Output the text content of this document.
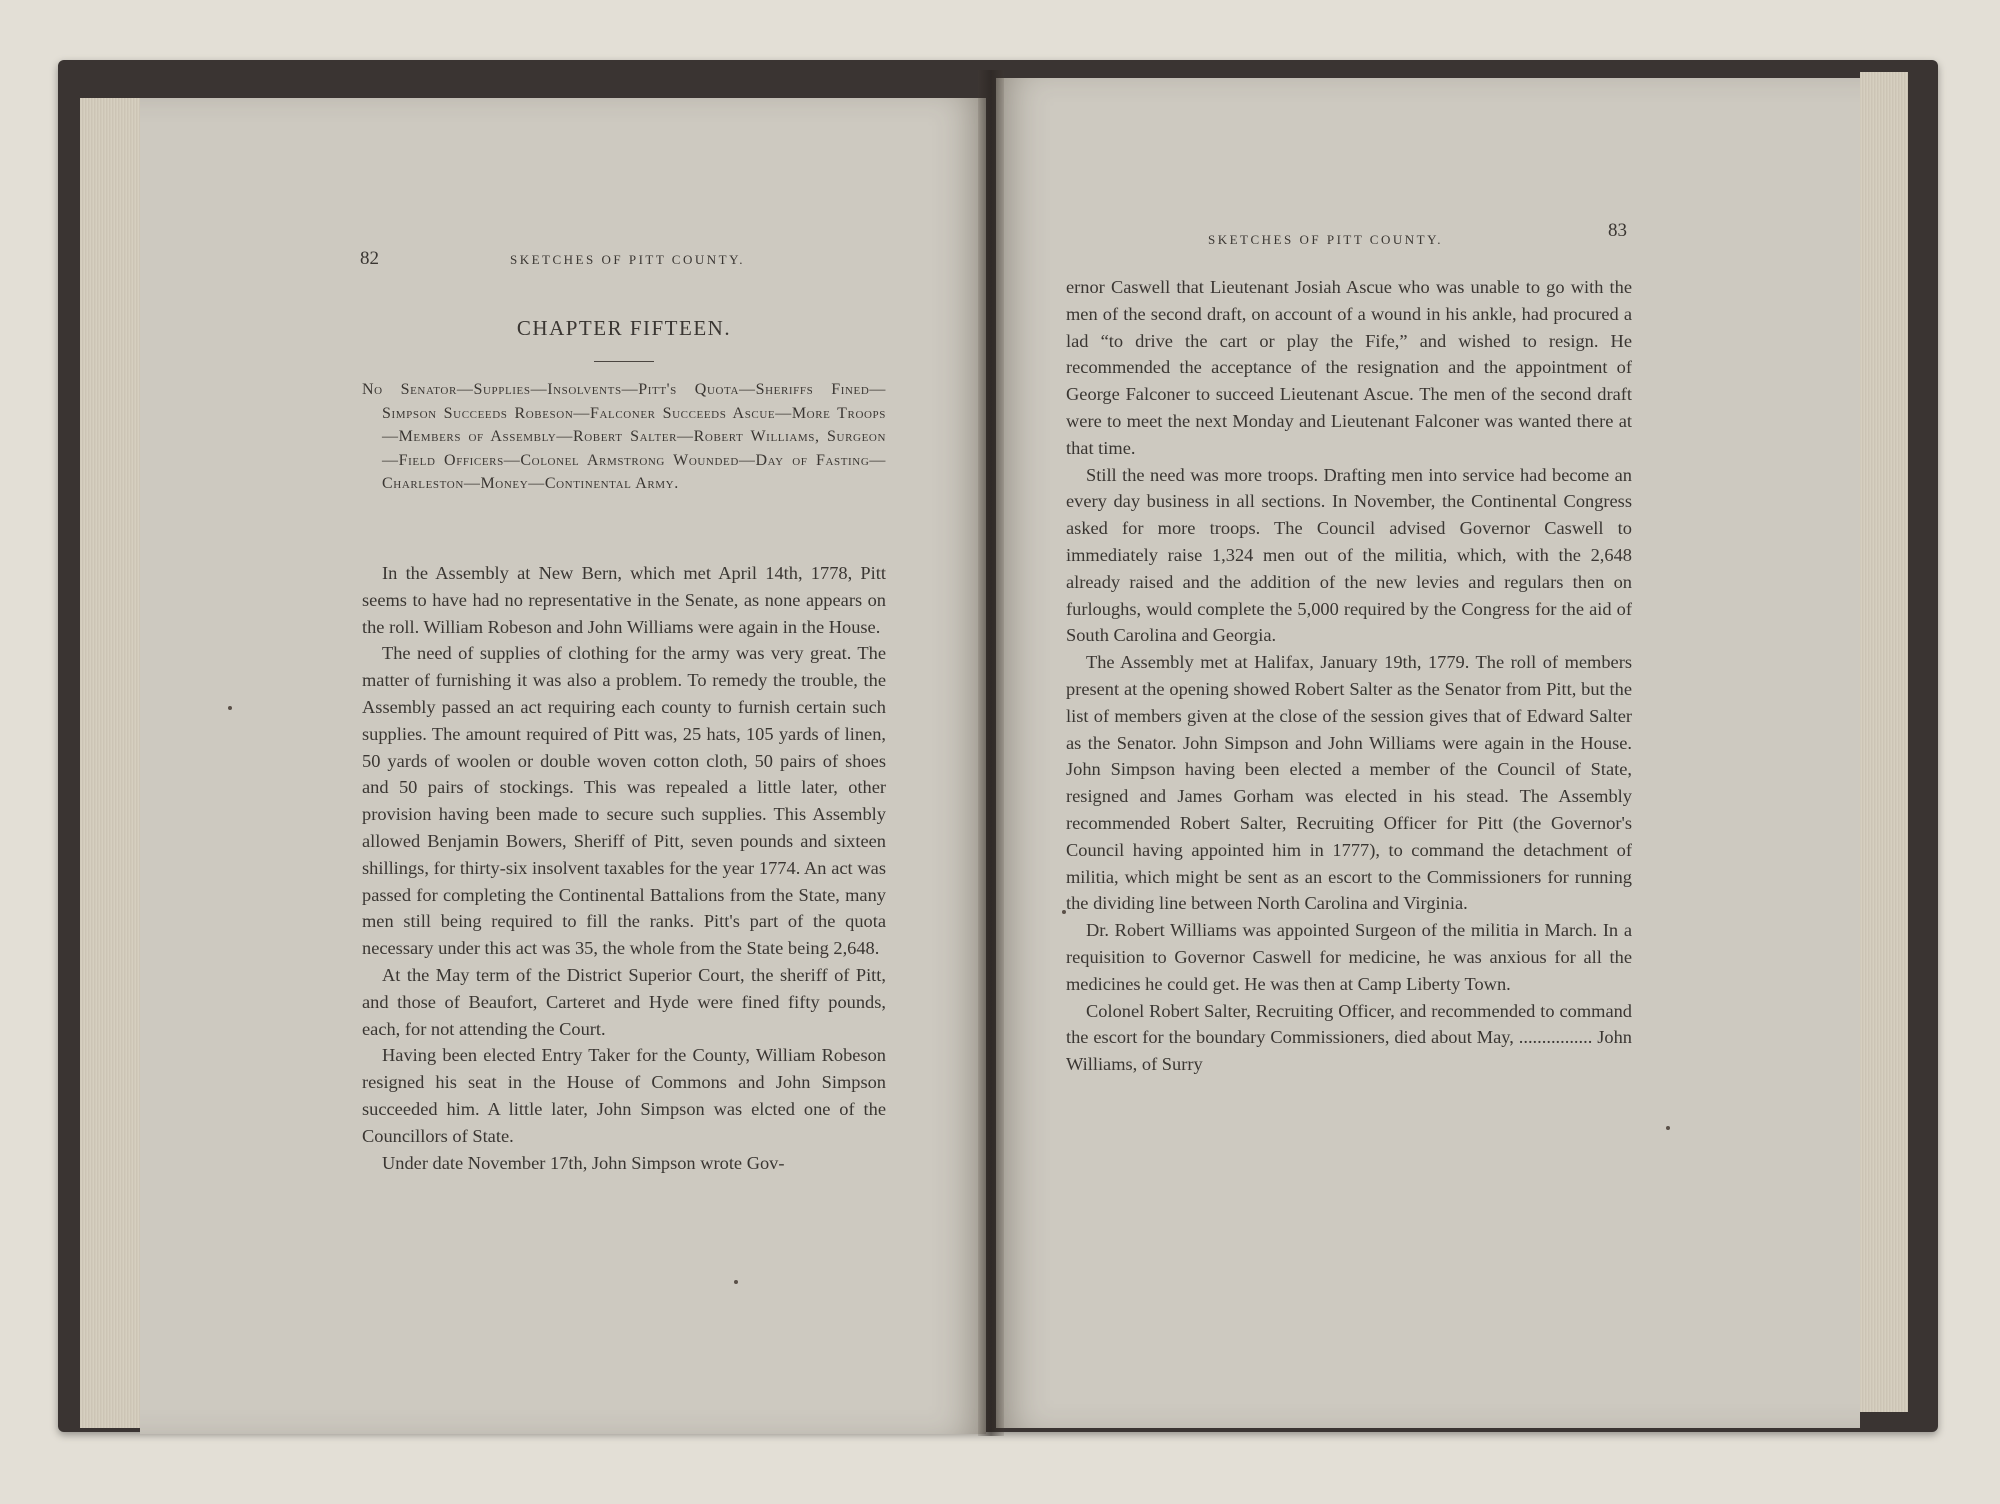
82	SKETCHES OF PITT COUNTY.
CHAPTER FIFTEEN.
No Senator—Supplies—Insolvents—Pitt's Quota—Sheriffs Fined—Simpson Succeeds Robeson—Falconer Succeeds Ascue—More Troops—Members of Assembly—Robert Salter—Robert Williams, Surgeon—Field Officers—Colonel Armstrong Wounded—Day of Fasting—Charleston—Money—Continental Army.

In the Assembly at New Bern, which met April 14th, 1778, Pitt seems to have had no representative in the Senate, as none appears on the roll. William Robeson and John Williams were again in the House.

The need of supplies of clothing for the army was very great. The matter of furnishing it was also a problem. To remedy the trouble, the Assembly passed an act requiring each county to furnish certain such supplies. The amount required of Pitt was, 25 hats, 105 yards of linen, 50 yards of woolen or double woven cotton cloth, 50 pairs of shoes and 50 pairs of stockings. This was repealed a little later, other provision having been made to secure such supplies. This Assembly allowed Benjamin Bowers, Sheriff of Pitt, seven pounds and sixteen shillings, for thirty-six insolvent taxables for the year 1774. An act was passed for completing the Continental Battalions from the State, many men still being required to fill the ranks. Pitt's part of the quota necessary under this act was 35, the whole from the State being 2,648.

At the May term of the District Superior Court, the sheriff of Pitt, and those of Beaufort, Carteret and Hyde were fined fifty pounds, each, for not attending the Court.

Having been elected Entry Taker for the County, William Robeson resigned his seat in the House of Commons and John Simpson succeeded him. A little later, John Simpson was elcted one of the Councillors of State.

Under date November 17th, John Simpson wrote Gov-

SKETCHES OF PITT COUNTY.	83

ernor Caswell that Lieutenant Josiah Ascue who was unable to go with the men of the second draft, on account of a wound in his ankle, had procured a lad “to drive the cart or play the Fife,” and wished to resign. He recommended the acceptance of the resignation and the appointment of George Falconer to succeed Lieutenant Ascue. The men of the second draft were to meet the next Monday and Lieutenant Falconer was wanted there at that time.

Still the need was more troops. Drafting men into service had become an every day business in all sections. In November, the Continental Congress asked for more troops. The Council advised Governor Caswell to immediately raise 1,324 men out of the militia, which, with the 2,648 already raised and the addition of the new levies and regulars then on furloughs, would complete the 5,000 required by the Congress for the aid of South Carolina and Georgia.

The Assembly met at Halifax, January 19th, 1779. The roll of members present at the opening showed Robert Salter as the Senator from Pitt, but the list of members given at the close of the session gives that of Edward Salter as the Senator. John Simpson and John Williams were again in the House. John Simpson having been elected a member of the Council of State, resigned and James Gorham was elected in his stead. The Assembly recommended Robert Salter, Recruiting Officer for Pitt (the Governor's Council having appointed him in 1777), to command the detachment of militia, which might be sent as an escort to the Commissioners for running the dividing line between North Carolina and Virginia.

Dr. Robert Williams was appointed Surgeon of the militia in March. In a requisition to Governor Caswell for medicine, he was anxious for all the medicines he could get. He was then at Camp Liberty Town.

Colonel Robert Salter, Recruiting Officer, and recommended to command the escort for the boundary Commissioners, died about May, ................ John Williams, of Surry
